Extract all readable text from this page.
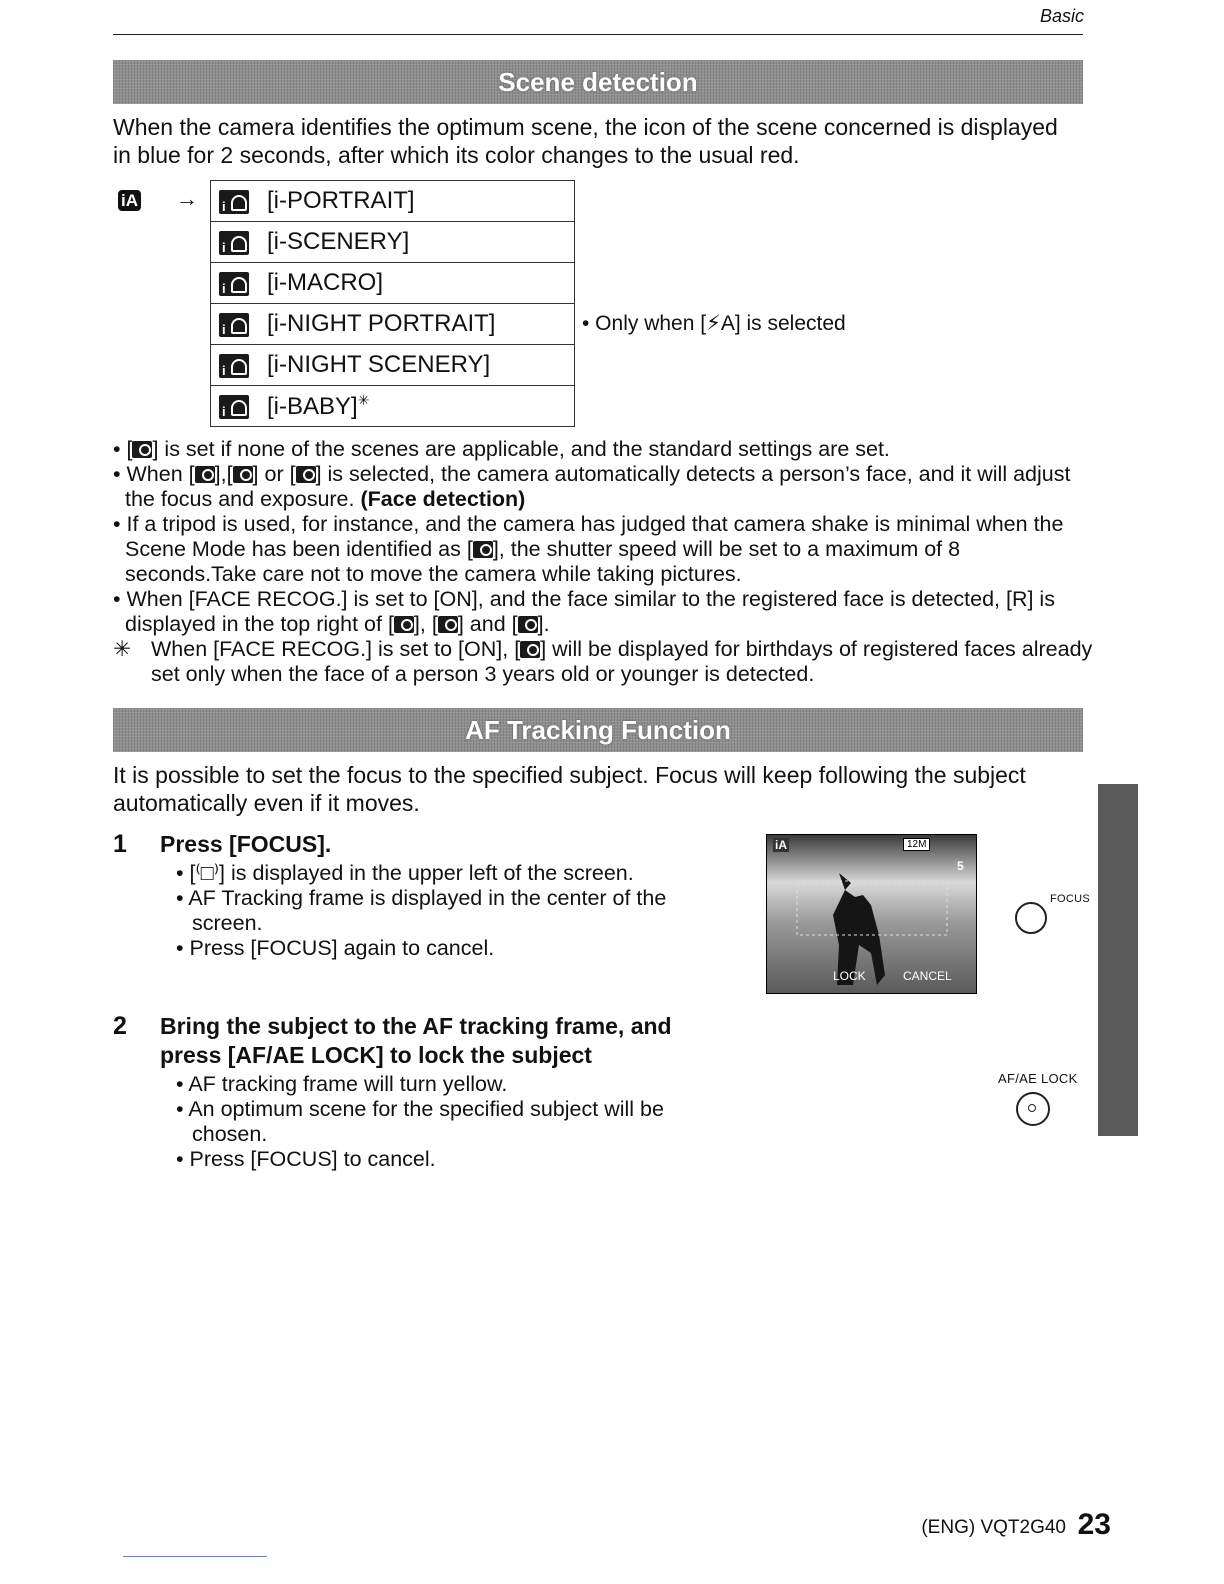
Basic
Scene detection
When the camera identifies the optimum scene, the icon of the scene concerned is displayed in blue for 2 seconds, after which its color changes to the usual red.
iA →
i	[i-PORTRAIT]
i[i-SCENERY]
i[i-MACRO]
i[i-NIGHT PORTRAIT]
i[i-NIGHT SCENERY]
i[i-BABY]✳
• Only when [⚡A] is selected

• [ ] is set if none of the scenes are applicable, and the standard settings are set.

• When [ ],[ ] or [ ] is selected, the camera automatically detects a person’s face, and it will adjust the focus and exposure. (Face detection)

• If a tripod is used, for instance, and the camera has judged that camera shake is minimal when the Scene Mode has been identified as [ ], the shutter speed will be set to a maximum of 8 seconds.Take care not to move the camera while taking pictures.

• When [FACE RECOG.] is set to [ON], and the face similar to the registered face is detected, [R] is displayed in the top right of [ ], [ ] and [ ].

✳ When [FACE RECOG.] is set to [ON], [ ] will be displayed for birthdays of registered faces already set only when the face of a person 3 years old or younger is detected.

AF Tracking Function
It is possible to set the focus to the specified subject. Focus will keep following the subject automatically even if it moves.
1 Press [FOCUS].
• [⁽□⁾] is displayed in the upper left of the screen.
• AF Tracking frame is displayed in the center of the screen.
• Press [FOCUS] again to cancel.
2 Bring the subject to the AF tracking frame, and press [AF/AE LOCK] to lock the subject
• AF tracking frame will turn yellow.
• An optimum scene for the specified subject will be chosen.
• Press [FOCUS] to cancel.
iA	12M
5
LOCK	CANCEL
FOCUS
AF/AE LOCK
(ENG) VQT2G40 23
